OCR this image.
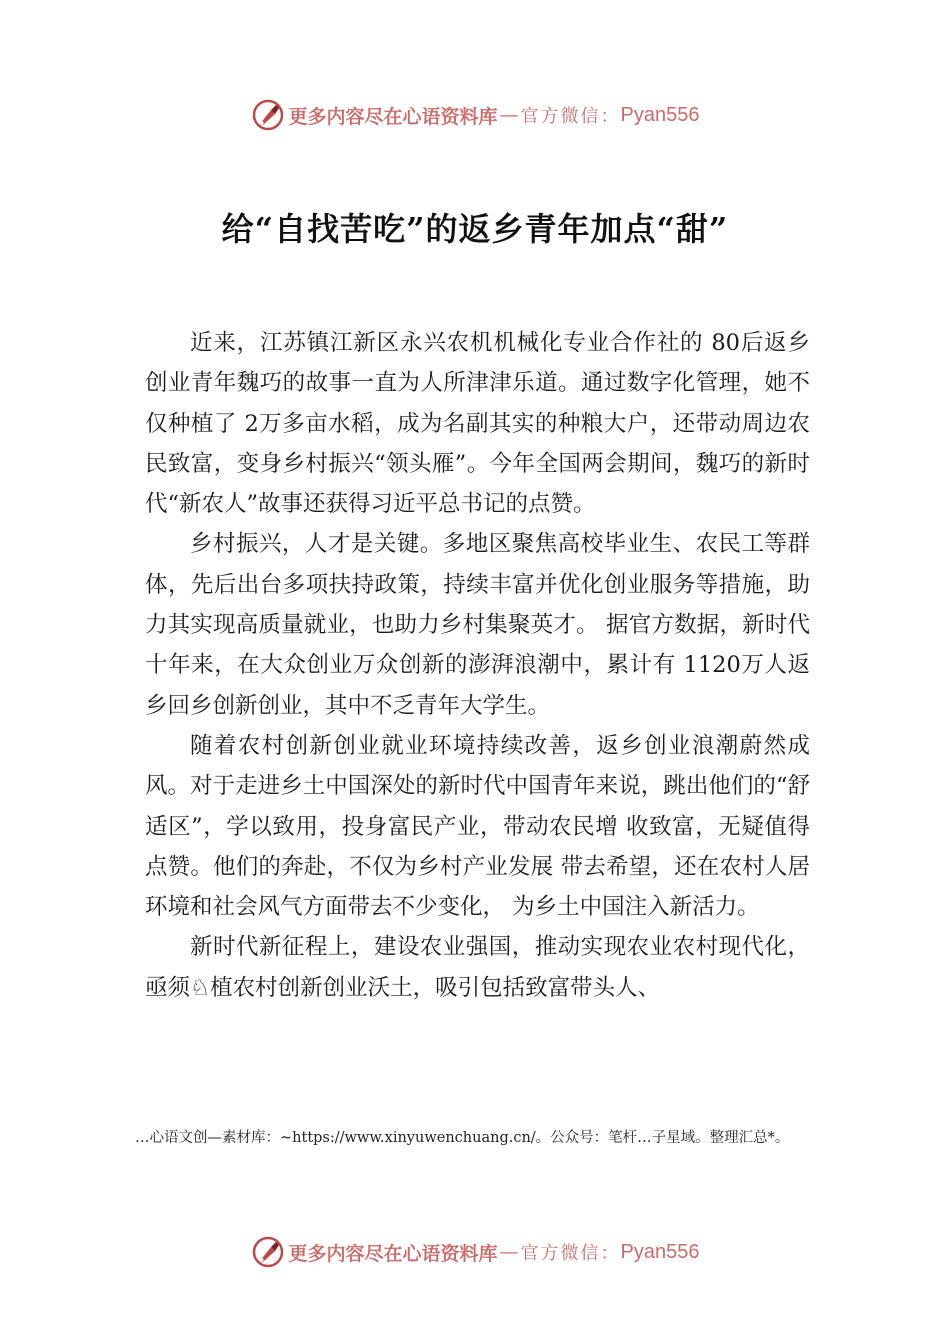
更多内容尽在心语资料库 — 官方微信： Pyan556
给“自找苦吃”的返乡青年加点“甜”

近来，江苏镇江新区永兴农机机械化专业合作社的 80后返乡创业青年魏巧的故事一直为人所津津乐道。通过数字化管理，她不仅种植了 2万多亩水稻，成为名副其实的种粮大户，还带动周边农民致富，变身乡村振兴“领头雁”。今年全国两会期间，魏巧的新时代“新农人”故事还获得习近平总书记的点赞。

乡村振兴，人才是关键。多地区聚焦高校毕业生、农民工等群体，先后出台多项扶持政策，持续丰富并优化创业服务等措施，助力其实现高质量就业，也助力乡村集聚英才。 据官方数据，新时代十年来，在大众创业万众创新的澎湃浪潮中，累计有 1120万人返乡回乡创新创业，其中不乏青年大学生。

随着农村创新创业就业环境持续改善，返乡创业浪潮蔚然成风。对于走进乡土中国深处的新时代中国青年来说，跳出他们的“舒适区”，学以致用，投身富民产业，带动农民增 收致富，无疑值得点赞。他们的奔赴，不仅为乡村产业发展 带去希望，还在农村人居环境和社会风气方面带去不少变化， 为乡土中国注入新活力。

新时代新征程上，建设农业强国，推动实现农业农村现代化，亟须♘植农村创新创业沃土，吸引包括致富带头人、

…心语文创—素材库：~https://www.xinyuwenchuang.cn/。公众号：笔杆…子星域。整理汇总*。
更多内容尽在心语资料库 — 官方微信： Pyan556
